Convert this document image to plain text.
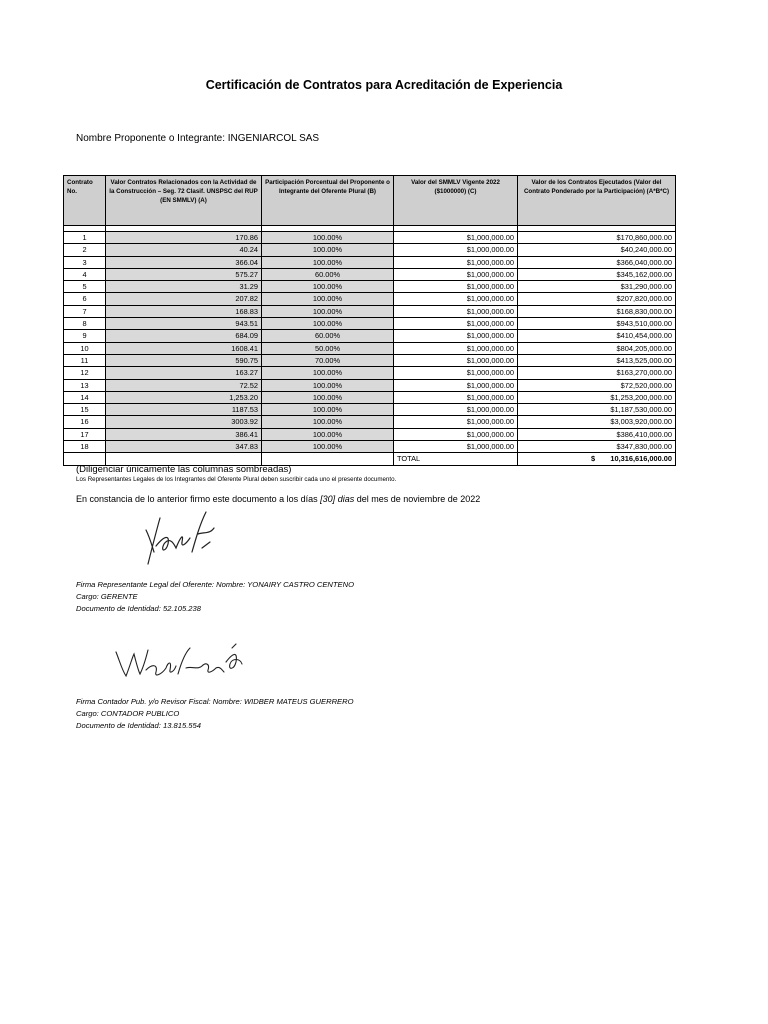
Certificación de Contratos para Acreditación de Experiencia
Nombre Proponente o Integrante: INGENIARCOL SAS
Contrato No.	Valor Contratos Relacionados con la Actividad de la Construcción – Seg. 72 Clasif. UNSPSC del RUP (EN SMMLV) (A)	Participación Porcentual del Proponente o Integrante del Oferente Plural (B)	Valor del SMMLV Vigente 2022 ($1000000) (C)	Valor de los Contratos Ejecutados (Valor del Contrato Ponderado por la Participación) (A*B*C)

1	170.86	100.00%	$1,000,000.00	$170,860,000.00
2	40.24	100.00%	$1,000,000.00	$40,240,000.00
3	366.04	100.00%	$1,000,000.00	$366,040,000.00
4	575.27	60.00%	$1,000,000.00	$345,162,000.00
5	31.29	100.00%	$1,000,000.00	$31,290,000.00
6	207.82	100.00%	$1,000,000.00	$207,820,000.00
7	168.83	100.00%	$1,000,000.00	$168,830,000.00
8	943.51	100.00%	$1,000,000.00	$943,510,000.00
9	684.09	60.00%	$1,000,000.00	$410,454,000.00
10	1608.41	50.00%	$1,000,000.00	$804,205,000.00
11	590.75	70.00%	$1,000,000.00	$413,525,000.00
12	163.27	100.00%	$1,000,000.00	$163,270,000.00
13	72.52	100.00%	$1,000,000.00	$72,520,000.00
14	1,253.20	100.00%	$1,000,000.00	$1,253,200,000.00
15	1187.53	100.00%	$1,000,000.00	$1,187,530,000.00
16	3003.92	100.00%	$1,000,000.00	$3,003,920,000.00
17	386.41	100.00%	$1,000,000.00	$386,410,000.00
18	347.83	100.00%	$1,000,000.00	$347,830,000.00
			TOTAL	$ 10,316,616,000.00
(Diligenciar únicamente las columnas sombreadas)
Los Representantes Legales de los Integrantes del Oferente Plural deben suscribir cada uno el presente documento.
En constancia de lo anterior firmo este documento a los días [30] dias del mes de noviembre de 2022
Firma Representante Legal del Oferente: Nombre: YONAIRY CASTRO CENTENO
Cargo: GERENTE
Documento de Identidad: 52.105.238
Firma Contador Pub. y/o Revisor Fiscal: Nombre: WIDBER MATEUS GUERRERO
Cargo: CONTADOR PUBLICO
Documento de Identidad: 13.815.554
